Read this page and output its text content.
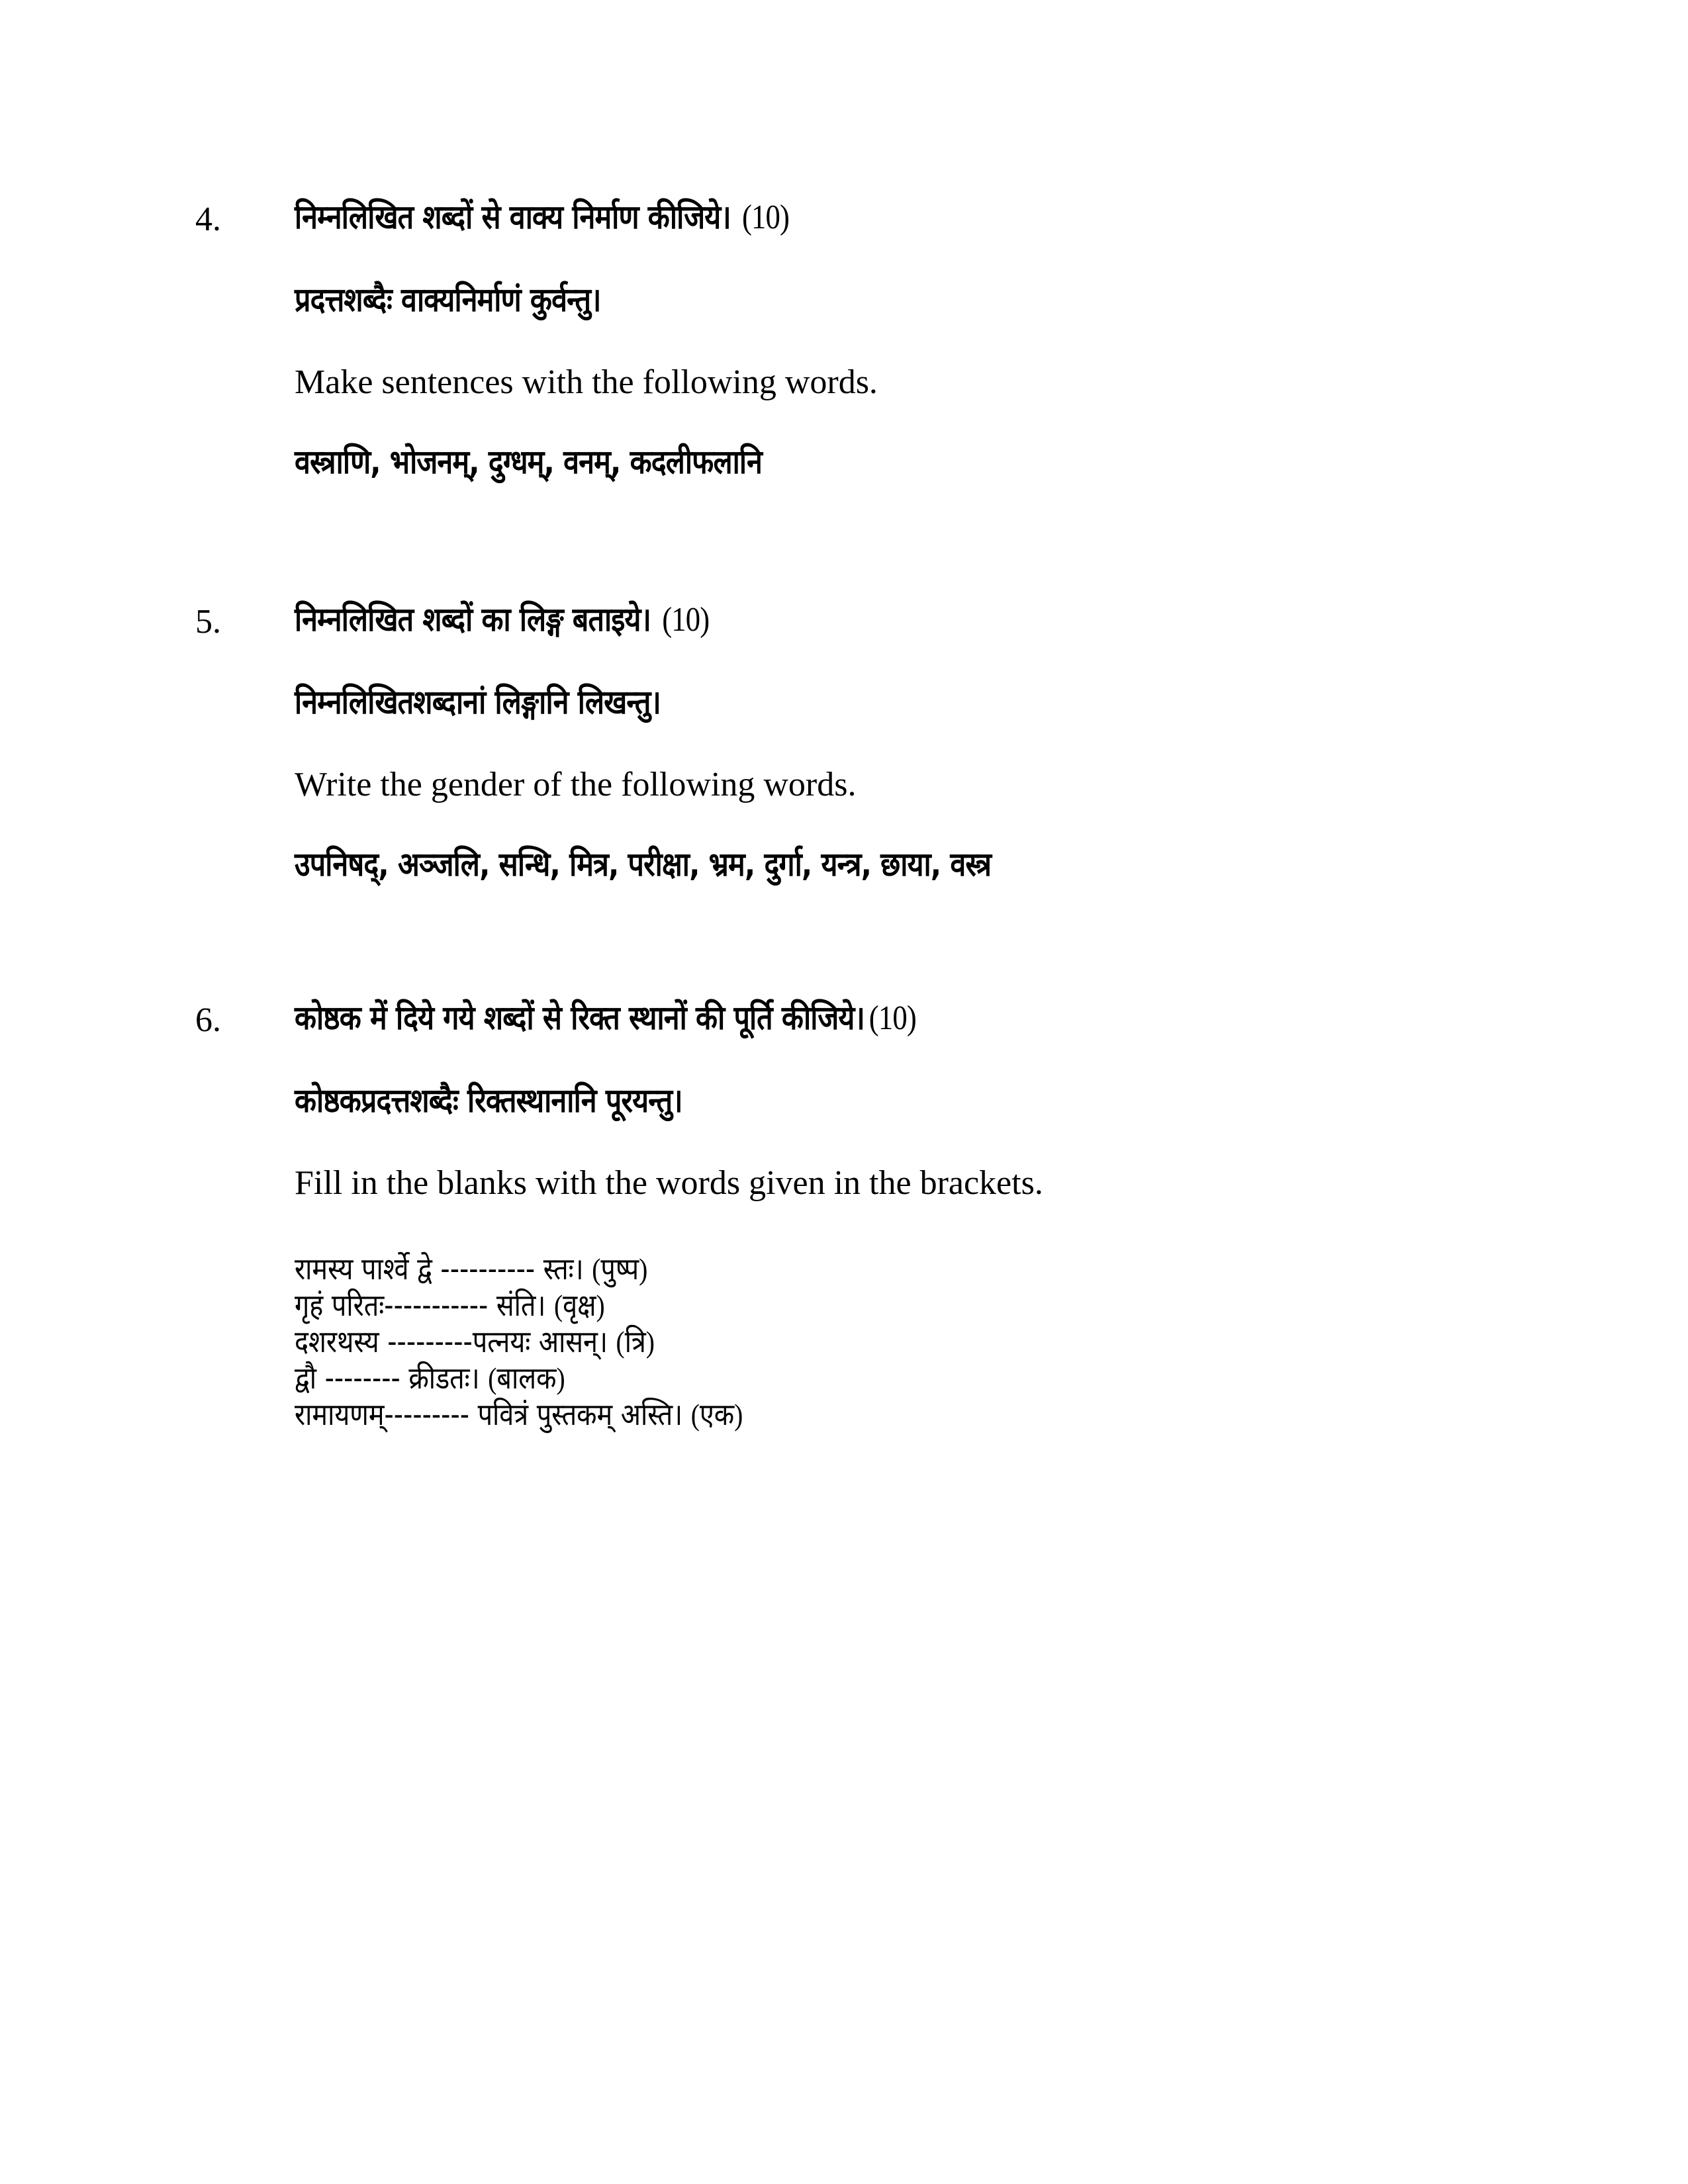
4. निम्नलिखित शब्दों से वाक्य निर्माण कीजिये। (10)
प्रदत्तशब्दैः वाक्यनिर्माणं कुर्वन्तु।
Make sentences with the following words.
वस्त्राणि, भोजनम्, दुग्धम्, वनम्, कदलीफलानि
5. निम्नलिखित शब्दों का लिङ्ग बताइये। (10)
निम्नलिखितशब्दानां लिङ्गानि लिखन्तु।
Write the gender of the following words.
उपनिषद्, अञ्जलि, सन्धि, मित्र, परीक्षा, भ्रम, दुर्गा, यन्त्र, छाया, वस्त्र
6. कोष्ठक में दिये गये शब्दों से रिक्त स्थानों की पूर्ति कीजिये। (10)
कोष्ठकप्रदत्तशब्दैः रिक्तस्थानानि पूरयन्तु।
Fill in the blanks with the words given in the brackets.
रामस्य पार्श्वे द्वे ---------- स्तः। (पुष्प)
गृहं परितः----------- संति। (वृक्ष)
दशरथस्य ---------पत्नयः आसन्। (त्रि)
द्वौ -------- क्रीडतः। (बालक)
रामायणम्--------- पवित्रं पुस्तकम् अस्ति। (एक)
